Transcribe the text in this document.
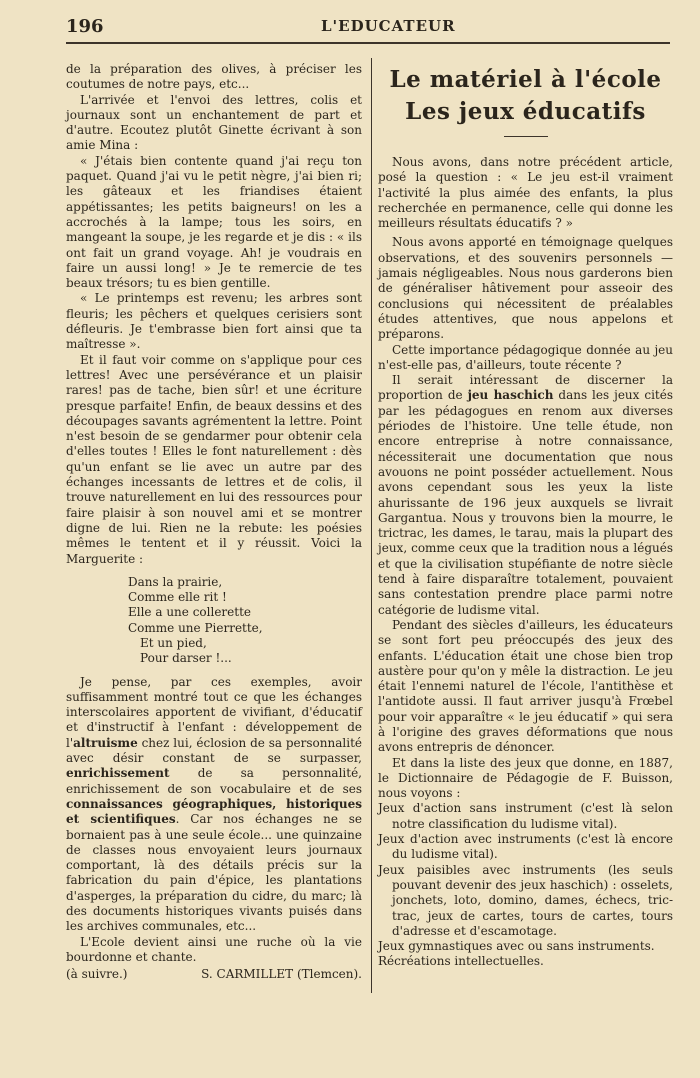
196	L'EDUCATEUR

de la préparation des olives, à préciser les coutumes de notre pays, etc...

L'arrivée et l'envoi des lettres, colis et journaux sont un enchantement de part et d'autre. Ecoutez plutôt Ginette écrivant à son amie Mina :

« J'étais bien contente quand j'ai reçu ton paquet. Quand j'ai vu le petit nègre, j'ai bien ri; les gâteaux et les friandises étaient appétissantes; les petits baigneurs! on les a accrochés à la lampe; tous les soirs, en mangeant la soupe, je les regarde et je dis : « ils ont fait un grand voyage. Ah! je voudrais en faire un aussi long! » Je te remercie de tes beaux trésors; tu es bien gentille.

« Le printemps est revenu; les arbres sont fleuris; les pêchers et quelques cerisiers sont défleuris. Je t'embrasse bien fort ainsi que ta maîtresse ».

Et il faut voir comme on s'applique pour ces lettres! Avec une persévérance et un plaisir rares! pas de tache, bien sûr! et une écriture presque parfaite! Enfin, de beaux dessins et des découpages savants agrémentent la lettre. Point n'est besoin de se gendarmer pour obtenir cela d'elles toutes ! Elles le font naturellement : dès qu'un enfant se lie avec un autre par des échanges incessants de lettres et de colis, il trouve naturellement en lui des ressources pour faire plaisir à son nouvel ami et se montrer digne de lui. Rien ne la rebute: les poésies mêmes le tentent et il y réussit. Voici la Marguerite :

Dans la prairie,
Comme elle rit !
Elle a une collerette
Comme une Pierrette,
Et un pied,
Pour darser !...

Je pense, par ces exemples, avoir suffisamment montré tout ce que les échanges interscolaires apportent de vivifiant, d'éducatif et d'instructif à l'enfant : développement de l'altruisme chez lui, éclosion de sa personnalité avec désir constant de se surpasser, enrichissement de sa personnalité, enrichissement de son vocabulaire et de ses connaissances géographiques, historiques et scientifiques. Car nos échanges ne se bornaient pas à une seule école... une quinzaine de classes nous envoyaient leurs journaux comportant, là des détails précis sur la fabrication du pain d'épice, les plantations d'asperges, la préparation du cidre, du marc; là des documents historiques vivants puisés dans les archives communales, etc...

L'Ecole devient ainsi une ruche où la vie bourdonne et chante.

(à suivre.)	S. CARMILLET (Tlemcen).
Le matériel à l'école
Les jeux éducatifs

Nous avons, dans notre précédent article, posé la question : « Le jeu est-il vraiment l'activité la plus aimée des enfants, la plus recherchée en permanence, celle qui donne les meilleurs résultats éducatifs ? »

Nous avons apporté en témoignage quelques observations, et des souvenirs personnels — jamais négligeables. Nous nous garderons bien de généraliser hâtivement pour asseoir des conclusions qui nécessitent de préalables études attentives, que nous appelons et préparons.

Cette importance pédagogique donnée au jeu n'est-elle pas, d'ailleurs, toute récente ?

Il serait intéressant de discerner la proportion de jeu haschich dans les jeux cités par les pédagogues en renom aux diverses périodes de l'histoire. Une telle étude, non encore entreprise à notre connaissance, nécessiterait une documentation que nous avouons ne point posséder actuellement. Nous avons cependant sous les yeux la liste ahurissante de 196 jeux auxquels se livrait Gargantua. Nous y trouvons bien la mourre, le trictrac, les dames, le tarau, mais la plupart des jeux, comme ceux que la tradition nous a légués et que la civilisation stupéfiante de notre siècle tend à faire disparaître totalement, pouvaient sans contestation prendre place parmi notre catégorie de ludisme vital.

Pendant des siècles d'ailleurs, les éducateurs se sont fort peu préoccupés des jeux des enfants. L'éducation était une chose bien trop austère pour qu'on y mêle la distraction. Le jeu était l'ennemi naturel de l'école, l'antithèse et l'antidote aussi. Il faut arriver jusqu'à Frœbel pour voir apparaître « le jeu éducatif » qui sera à l'origine des graves déformations que nous avons entrepris de dénoncer.

Et dans la liste des jeux que donne, en 1887, le Dictionnaire de Pédagogie de F. Buisson, nous voyons :

Jeux d'action sans instrument (c'est là selon notre classification du ludisme vital).
Jeux d'action avec instruments (c'est là encore du ludisme vital).
Jeux paisibles avec instruments (les seuls pouvant devenir des jeux haschich) : osselets, jonchets, loto, domino, dames, échecs, tric-trac, jeux de cartes, tours de cartes, tours d'adresse et d'escamotage.
Jeux gymnastiques avec ou sans instruments.
Récréations intellectuelles.
